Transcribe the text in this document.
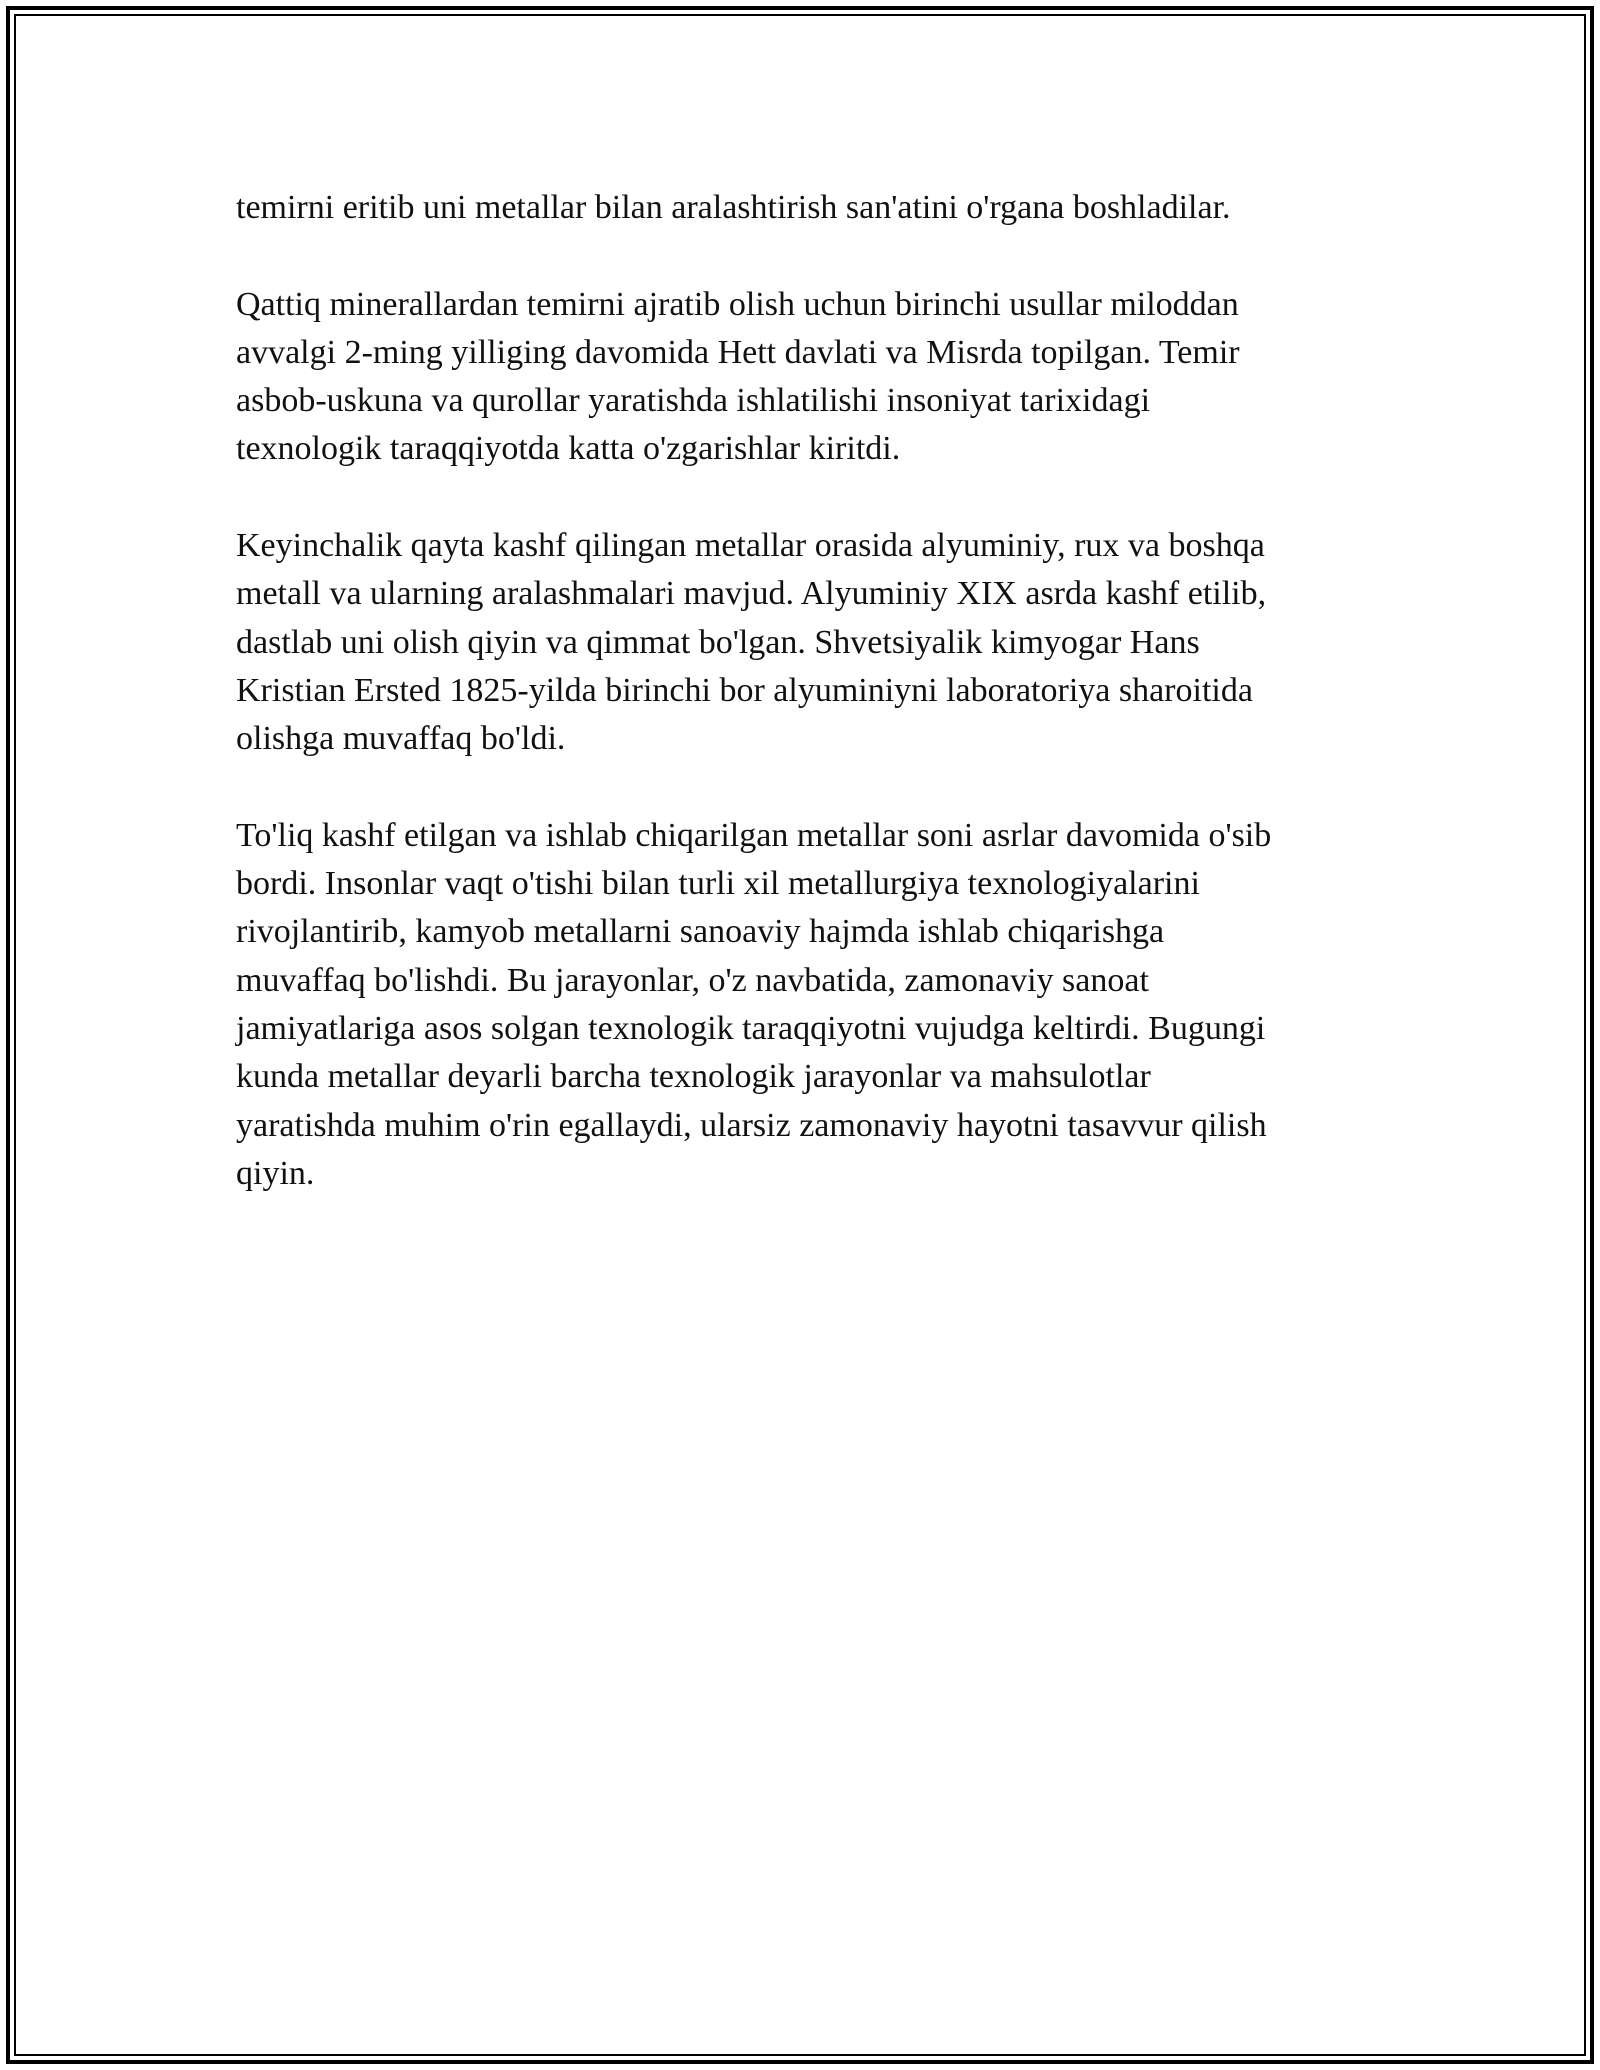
temirni eritib uni metallar bilan aralashtirish san'atini o'rgana boshladilar.

Qattiq minerallardan temirni ajratib olish uchun birinchi usullar miloddan
avvalgi 2-ming yilliging davomida Hett davlati va Misrda topilgan. Temir
asbob-uskuna va qurollar yaratishda ishlatilishi insoniyat tarixidagi
texnologik taraqqiyotda katta o'zgarishlar kiritdi.

Keyinchalik qayta kashf qilingan metallar orasida alyuminiy, rux va boshqa
metall va ularning aralashmalari mavjud. Alyuminiy XIX asrda kashf etilib,
dastlab uni olish qiyin va qimmat bo'lgan. Shvetsiyalik kimyogar Hans
Kristian Ersted 1825-yilda birinchi bor alyuminiyni laboratoriya sharoitida
olishga muvaffaq bo'ldi.

To'liq kashf etilgan va ishlab chiqarilgan metallar soni asrlar davomida o'sib
bordi. Insonlar vaqt o'tishi bilan turli xil metallurgiya texnologiyalarini
rivojlantirib, kamyob metallarni sanoaviy hajmda ishlab chiqarishga
muvaffaq bo'lishdi. Bu jarayonlar, o'z navbatida, zamonaviy sanoat
jamiyatlariga asos solgan texnologik taraqqiyotni vujudga keltirdi. Bugungi
kunda metallar deyarli barcha texnologik jarayonlar va mahsulotlar
yaratishda muhim o'rin egallaydi, ularsiz zamonaviy hayotni tasavvur qilish
qiyin.
